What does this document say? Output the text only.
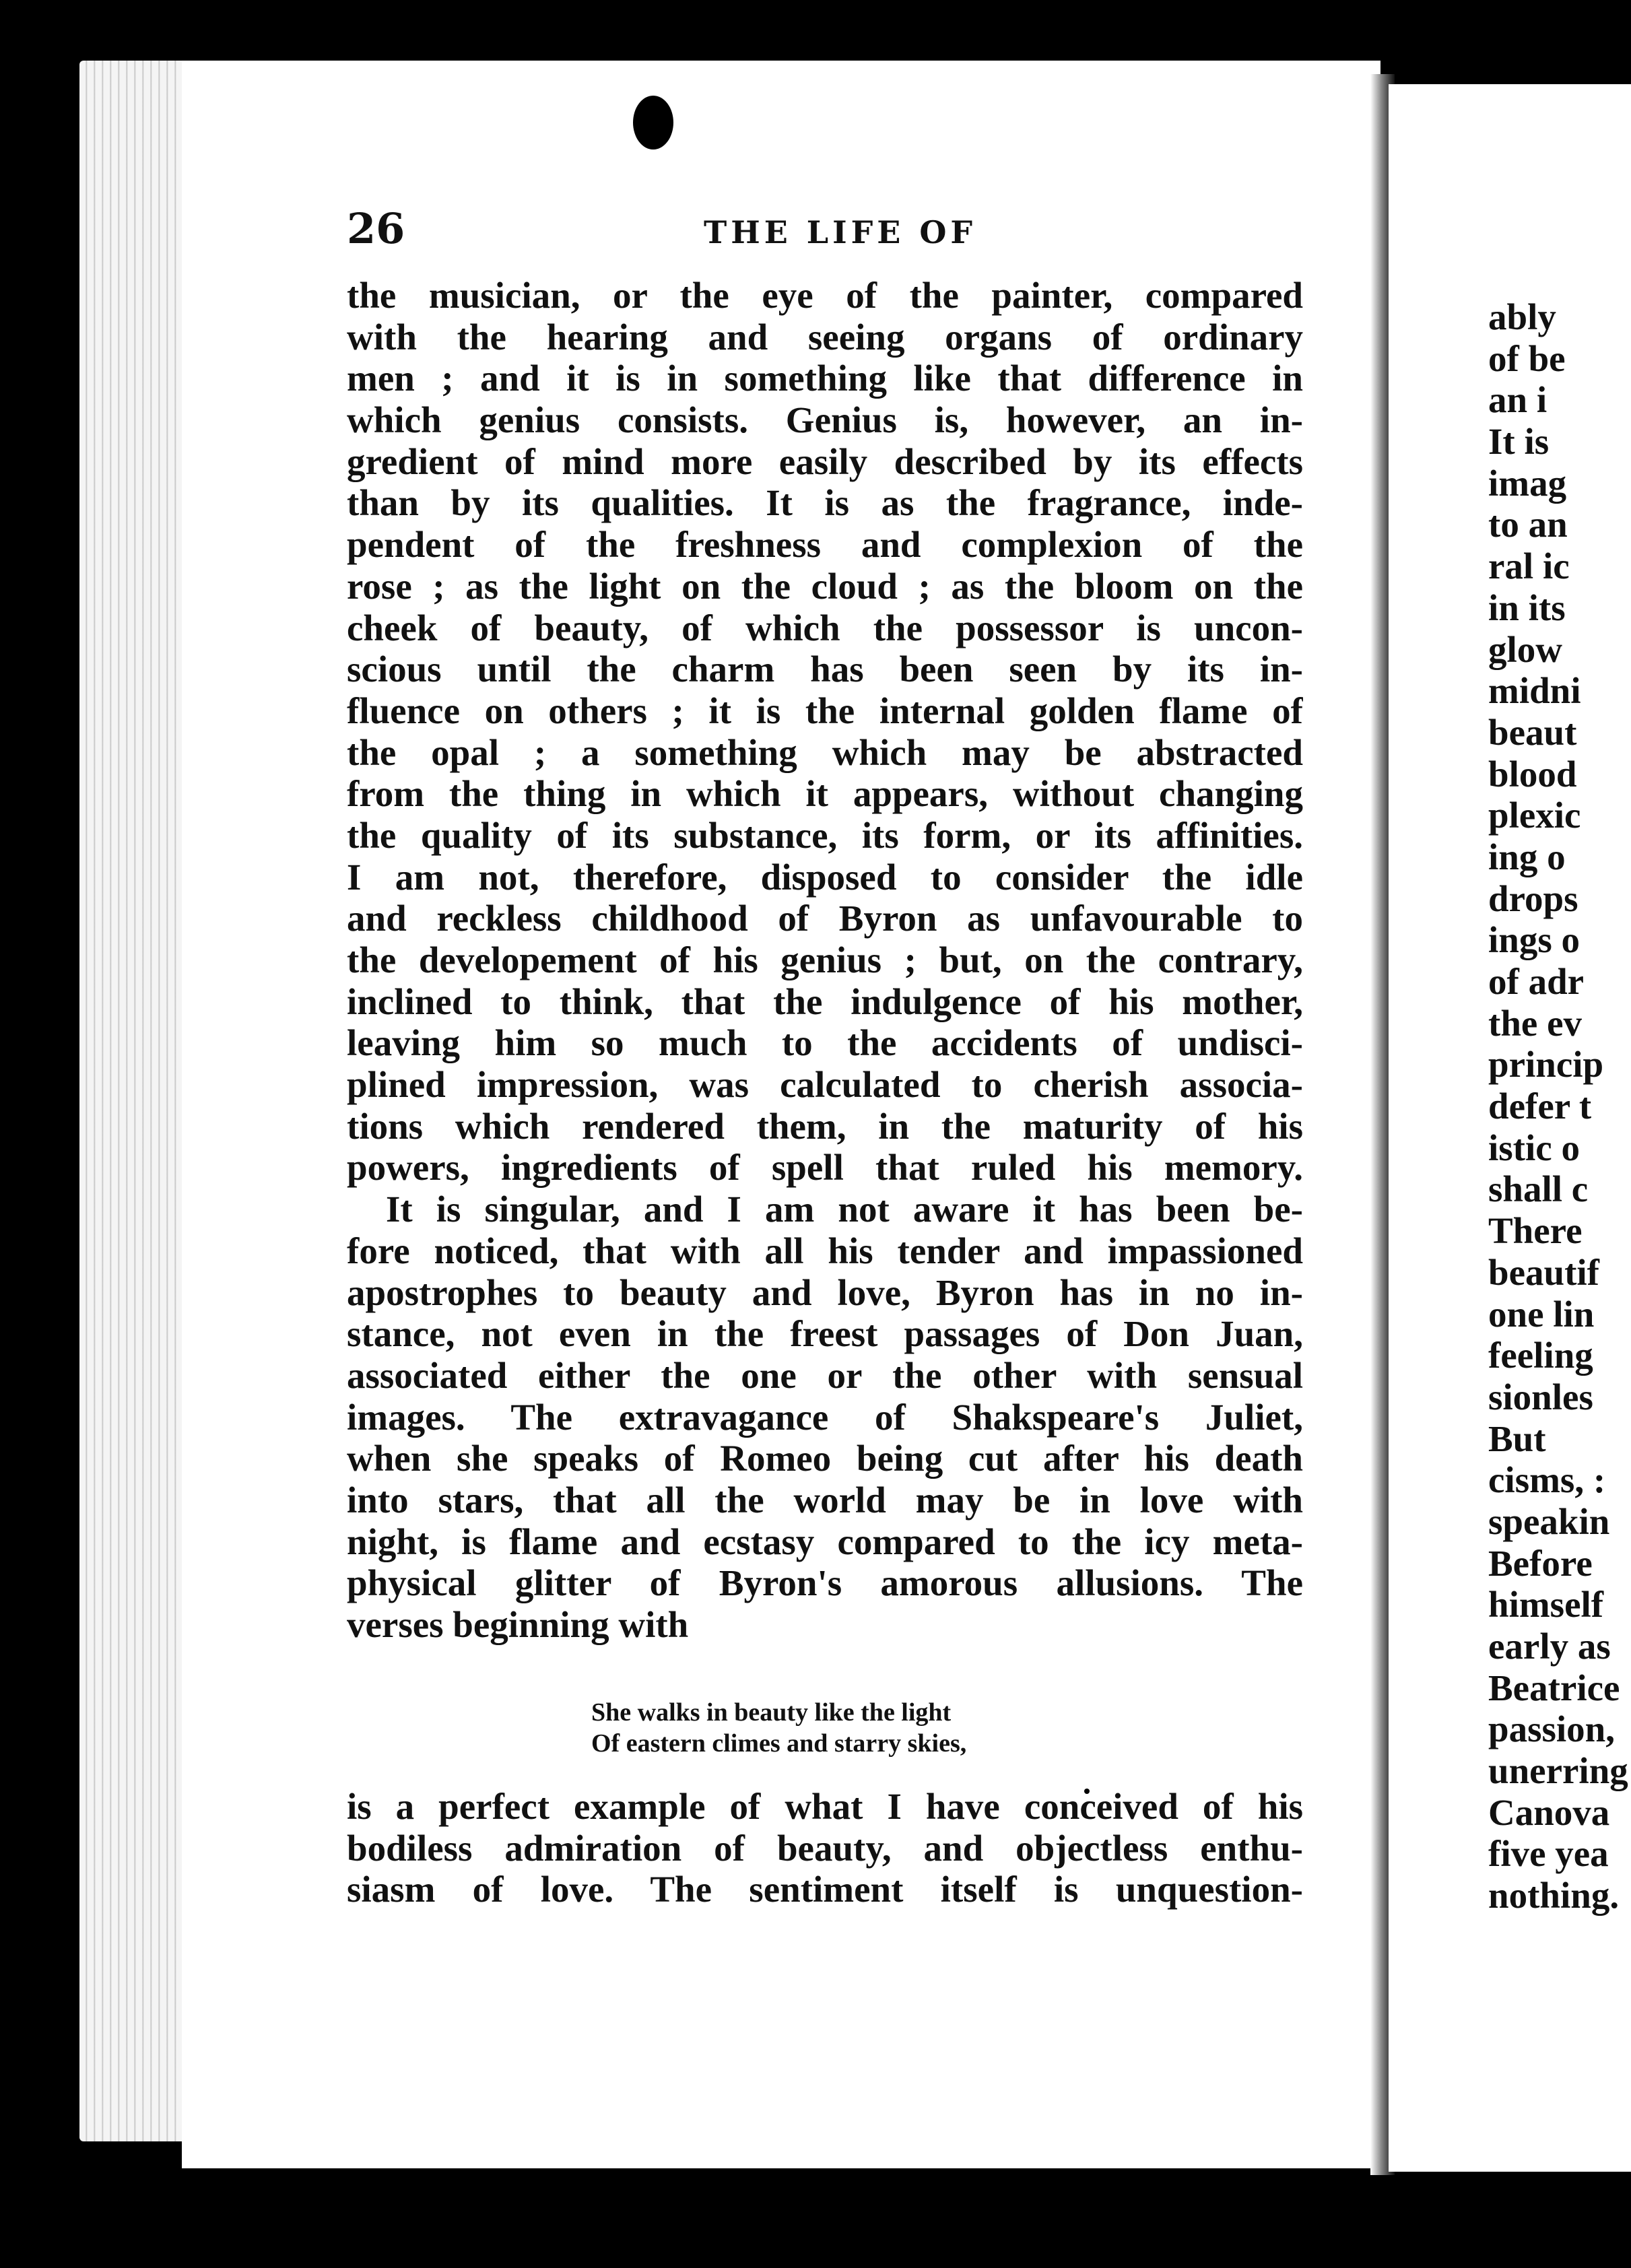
26	THE LIFE OF
the musician, or the eye of the painter, compared
with the hearing and seeing organs of ordinary
men ; and it is in something like that difference in
which genius consists. Genius is, however, an in-
gredient of mind more easily described by its effects
than by its qualities. It is as the fragrance, inde-
pendent of the freshness and complexion of the
rose ; as the light on the cloud ; as the bloom on the
cheek of beauty, of which the possessor is uncon-
scious until the charm has been seen by its in-
fluence on others ; it is the internal golden flame of
the opal ; a something which may be abstracted
from the thing in which it appears, without changing
the quality of its substance, its form, or its affinities.
I am not, therefore, disposed to consider the idle
and reckless childhood of Byron as unfavourable to
the developement of his genius ; but, on the contrary,
inclined to think, that the indulgence of his mother,
leaving him so much to the accidents of undisci-
plined impression, was calculated to cherish associa-
tions which rendered them, in the maturity of his
powers, ingredients of spell that ruled his memory.
It is singular, and I am not aware it has been be-
fore noticed, that with all his tender and impassioned
apostrophes to beauty and love, Byron has in no in-
stance, not even in the freest passages of Don Juan,
associated either the one or the other with sensual
images. The extravagance of Shakspeare's Juliet,
when she speaks of Romeo being cut after his death
into stars, that all the world may be in love with
night, is flame and ecstasy compared to the icy meta-
physical glitter of Byron's amorous allusions. The
verses beginning with
She walks in beauty like the light
Of eastern climes and starry skies,
is a perfect example of what I have conceived of his
bodiless admiration of beauty, and objectless enthu-
siasm of love. The sentiment itself is unquestion-
ably
of be
an i
It is
imag
to an
ral ic
in its
glow
midni
beaut
blood
plexic
ing o
drops
ings o
of adr
the ev
princip
defer t
istic o
shall c
There
beautif
one lin
feeling
sionles
But
cisms, :
speakin
Before
himself
early as
Beatrice
passion,
unerring
Canova
five yea
nothing.
